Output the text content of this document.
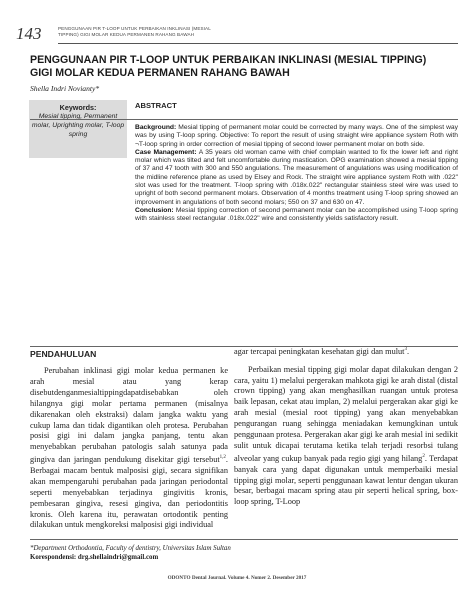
143	PENGGUNAAN PIR T-LOOP UNTUK PERBAIKAN INKLINASI (MESIAL
TIPPING) GIGI MOLAR KEDUA PERMANEN RAHANG BAWAH
PENGGUNAAN PIR T-LOOP UNTUK PERBAIKAN INKLINASI (MESIAL TIPPING) GIGI MOLAR KEDUA PERMANEN RAHANG BAWAH
Shella Indri Novianty*
Keywords:
Mesial tipping, Permanent molar, Uprighting molar, T-loop spring
ABSTRACT

Background: Mesial tipping of permanent molar could be corrected by many ways. One of the simplest way was by using T-loop spring. Objective: To report the result of using straight wire appliance system Roth with ¬T-loop spring in order correction of mesial tipping of second lower permanent molar on both side.

Case Management: A 35 years old woman came with chief complain wanted to fix the lower left and right molar which was tilted and felt uncomfortable during mastication. OPG examination showed a mesial tipping of 37 and 47 tooth with 300 and 550 angulations. The measurement of angulations was using modification of the midline reference plane as used by Elsey and Rock. The straight wire appliance system Roth with .022" slot was used for the treatment. T-loop spring with .018x.022" rectangular stainless steel wire was used to upright of both second permanent molars. Observation of 4 months treatment using T-loop spring showed an improvement in angulations of both second molars; 550 on 37 and 630 on 47.

Conclusion: Mesial tipping correction of second permanent molar can be accomplished using T-loop spring with stainless steel rectangular .018x.022" wire and consistently yields satisfactory result.

PENDAHULUAN

Perubahan inklinasi gigi molar kedua permanen ke arah mesial atau yang kerap disebutdenganmesialtippingdapatdisebabkan oleh hilangnya gigi molar pertama permanen (misalnya dikarenakan oleh ekstraksi) dalam jangka waktu yang cukup lama dan tidak digantikan oleh protesa. Perubahan posisi gigi ini dalam jangka panjang, tentu akan menyebabkan perubahan patologis salah satunya pada gingiva dan jaringan pendukung disekitar gigi tersebut$^{1,2}$. Berbagai macam bentuk malposisi gigi, secara signifikan akan mempengaruhi perubahan pada jaringan periodontal seperti menyebabkan terjadinya gingivitis kronis, pembesaran gingiva, resesi gingiva, dan periodontitis kronis. Oleh karena itu, perawatan ortodontik penting dilakukan untuk mengkoreksi malposisi gigi individual

agar tercapai peningkatan kesehatan gigi dan mulut$^3$.

Perbaikan mesial tipping gigi molar dapat dilakukan dengan 2 cara, yaitu 1) melalui pergerakan mahkota gigi ke arah distal (distal crown tipping) yang akan menghasilkan ruangan untuk protesa baik lepasan, cekat atau implan, 2) melalui pergerakan akar gigi ke arah mesial (mesial root tipping) yang akan menyebabkan pengurangan ruang sehingga meniadakan kemungkinan untuk penggunaan protesa. Pergerakan akar gigi ke arah mesial ini sedikit sulit untuk dicapai terutama ketika telah terjadi resorbsi tulang alveolar yang cukup banyak pada regio gigi yang hilang$^2$. Terdapat banyak cara yang dapat digunakan untuk memperbaiki mesial tipping gigi molar, seperti penggunaan kawat lentur dengan ukuran besar, berbagai macam spring atau pir seperti helical spring, box-loop spring, T-Loop

*Department Orthodontia, Faculty of dentistry, Universitas Islam Sultan
Korespondensi: drg.shellaindri@gmail.com
ODONTO Dental Journal. Volume 4. Nomer 2. Desember 2017
